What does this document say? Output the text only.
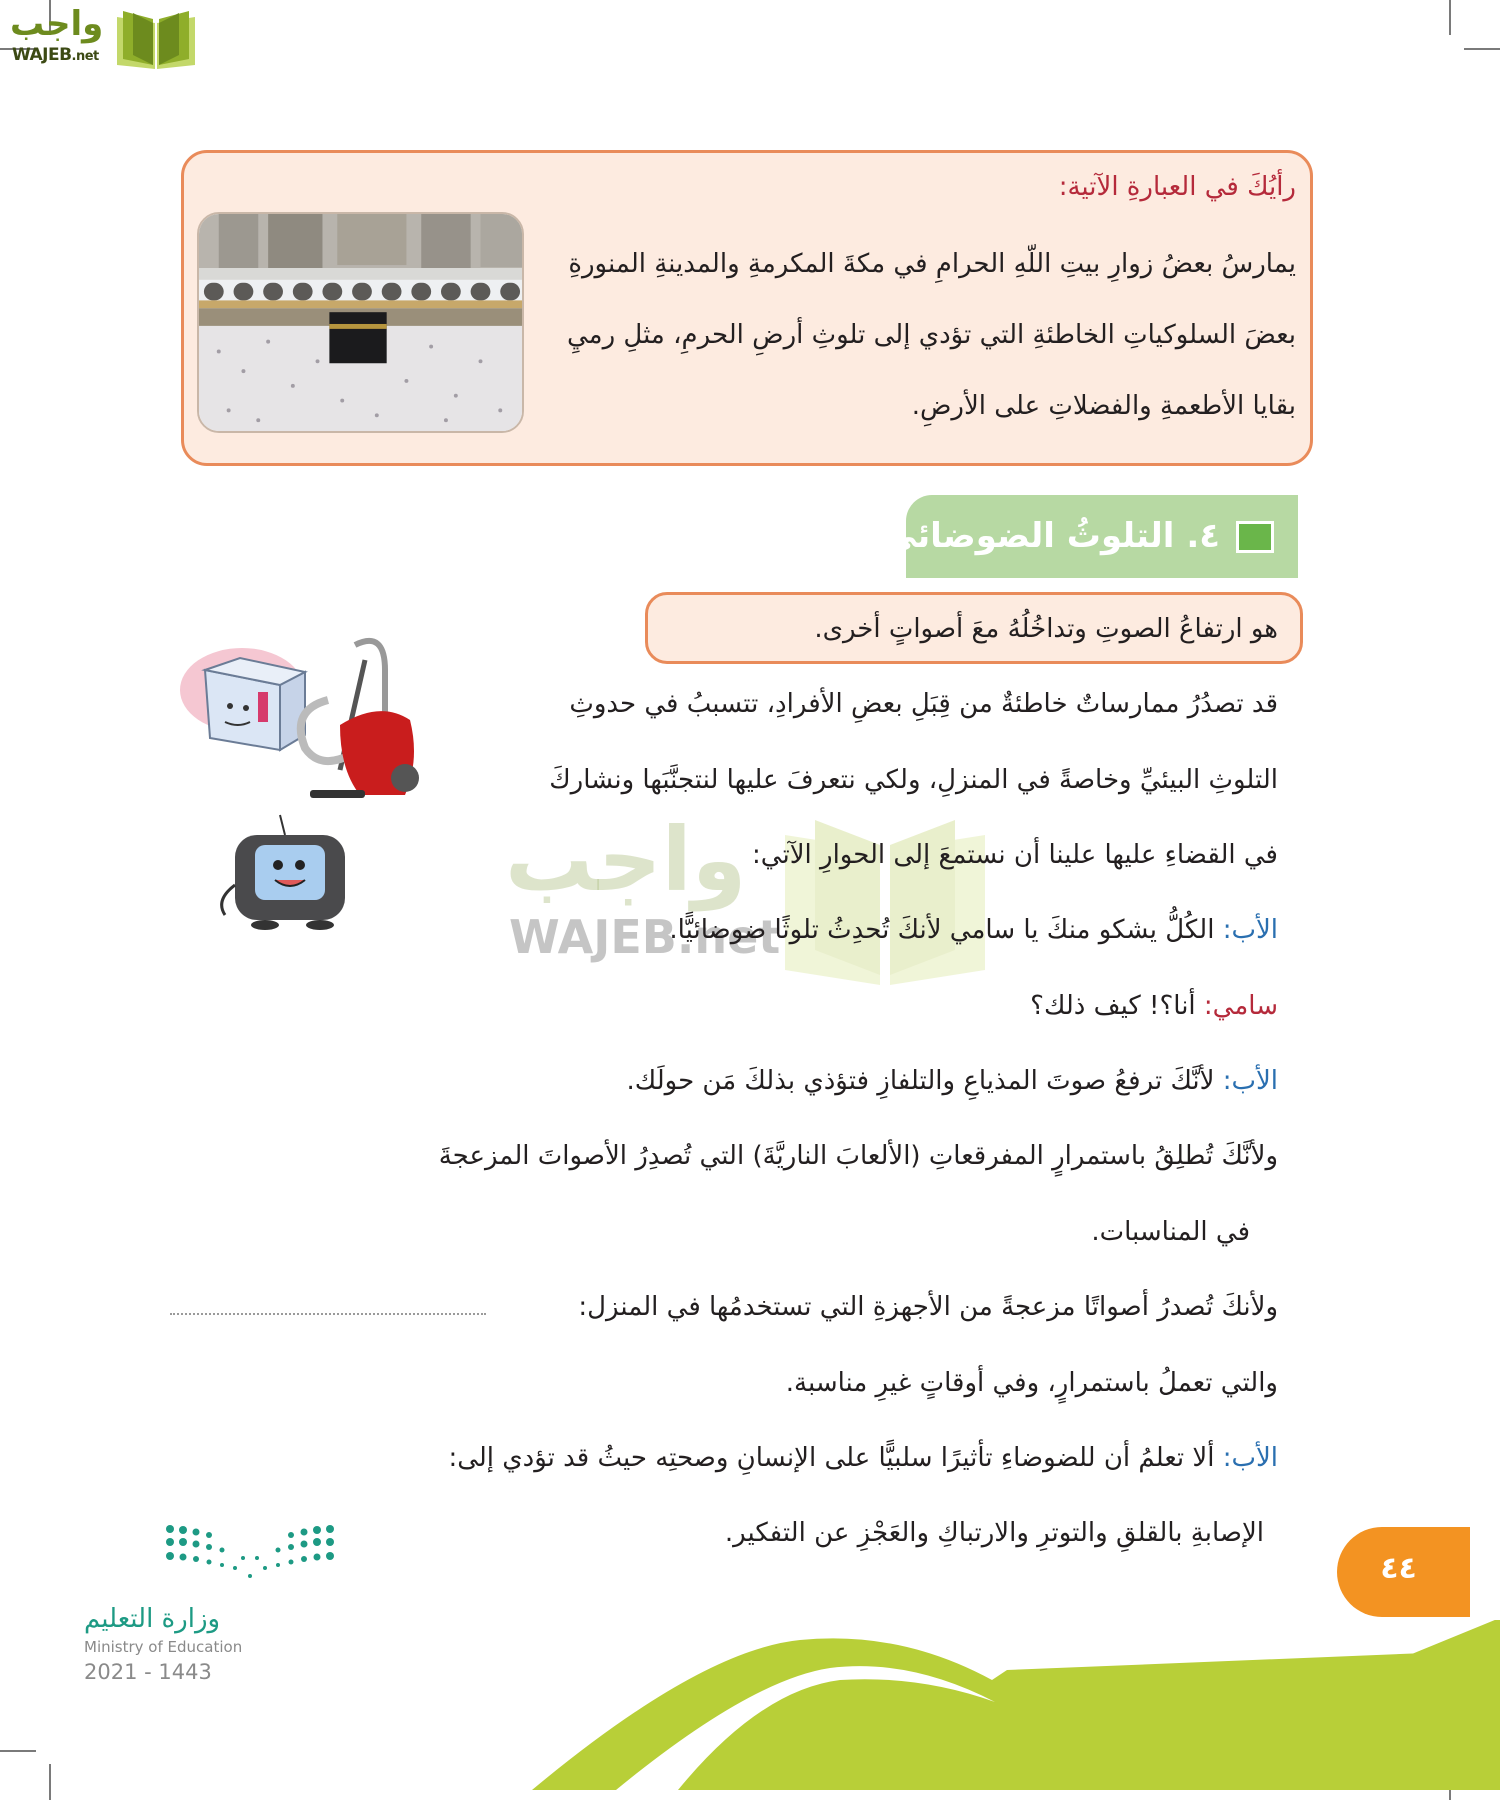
واجب
WAJEB.net
رأيُكَ في العبارةِ الآتية:
يمارسُ بعضُ زوارِ بيتِ اللّهِ الحرامِ في مكةَ المكرمةِ والمدينةِ المنورةِ
بعضَ السلوكياتِ الخاطئةِ التي تؤدي إلى تلوثِ أرضِ الحرمِ، مثلِ رميِ
بقايا الأطعمةِ والفضلاتِ على الأرضِ.
٤. التلوثُ الضوضائي:
هو ارتفاعُ الصوتِ وتداخُلُهُ معَ أصواتٍ أخرى.
واجب
WAJEB.net
قد تصدُرُ ممارساتٌ خاطئةٌ من قِبَلِ بعضِ الأفرادِ، تتسببُ في حدوثِ
التلوثِ البيئيِّ وخاصةً في المنزلِ، ولكي نتعرفَ عليها لنتجنَّبَها ونشاركَ
في القضاءِ عليها علينا أن نستمعَ إلى الحوارِ الآتي:
الأب: الكُلُّ يشكو منكَ يا سامي لأنكَ تُحدِثُ تلوثًا ضوضائيًّا.
سامي: أنا؟! كيف ذلك؟
الأب: لأنَّكَ ترفعُ صوتَ المذياعِ والتلفازِ فتؤذي بذلكَ مَن حولَك.
ولأنَّكَ تُطلِقُ باستمرارٍ المفرقعاتِ (الألعابَ الناريَّةَ) التي تُصدِرُ الأصواتَ المزعجةَ
في المناسبات.
ولأنكَ تُصدرُ أصواتًا مزعجةً من الأجهزةِ التي تستخدمُها في المنزل:
والتي تعملُ باستمرارٍ، وفي أوقاتٍ غيرِ مناسبة.
الأب: ألا تعلمُ أن للضوضاءِ تأثيرًا سلبيًّا على الإنسانِ وصحتِه حيثُ قد تؤدي إلى:
الإصابةِ بالقلقِ والتوترِ والارتباكِ والعَجْزِ عن التفكير.
وزارة التعليم
Ministry of Education
2021 - 1443
٤٤
